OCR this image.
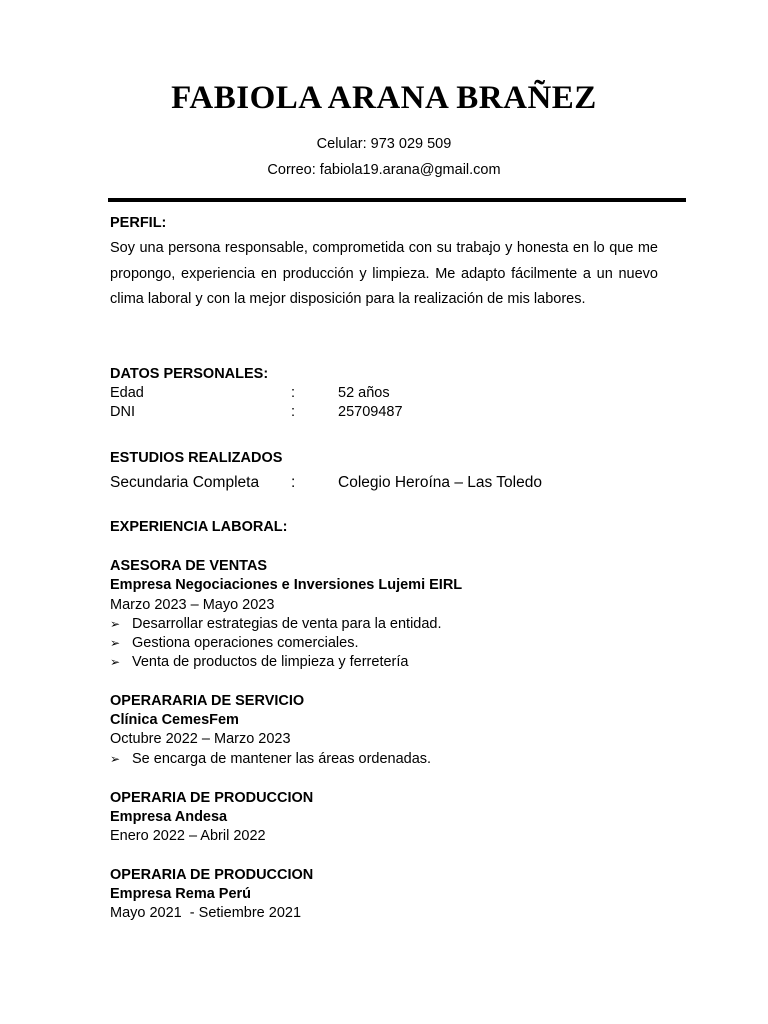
FABIOLA ARANA BRAÑEZ
Celular: 973 029 509
Correo: fabiola19.arana@gmail.com
PERFIL:
Soy una persona responsable, comprometida con su trabajo y honesta en lo que me propongo, experiencia en producción y limpieza. Me adapto fácilmente a un nuevo clima laboral y con la mejor disposición para la realización de mis labores.
DATOS PERSONALES:
Edad	:	52 años
DNI	:	25709487
ESTUDIOS REALIZADOS
Secundaria Completa :	Colegio Heroína – Las Toledo
EXPERIENCIA LABORAL:
ASESORA DE VENTAS
Empresa Negociaciones e Inversiones Lujemi EIRL
Marzo 2023 – Mayo 2023
➢ Desarrollar estrategias de venta para la entidad.
➢ Gestiona operaciones comerciales.
➢ Venta de productos de limpieza y ferretería
OPERARARIA DE SERVICIO
Clínica CemesFem
Octubre 2022 – Marzo 2023
➢ Se encarga de mantener las áreas ordenadas.
OPERARIA DE PRODUCCION
Empresa Andesa
Enero 2022 – Abril 2022
OPERARIA DE PRODUCCION
Empresa Rema Perú
Mayo 2021  - Setiembre 2021
